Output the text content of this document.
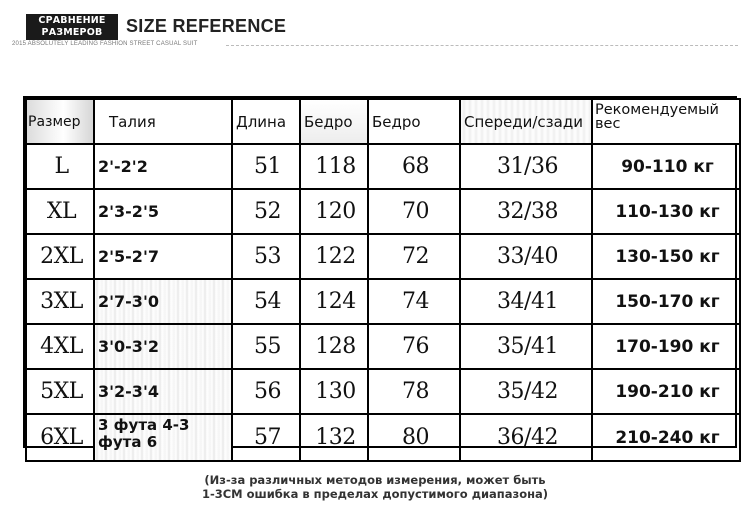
СРАВНЕНИЕ
РАЗМЕРОВ	SIZE REFERENCE
2015 ABSOLUTELY LEADING FASHION STREET CASUAL SUIT
Размер	Талия	Длина	Бедро	Бедро	Спереди/сзади	Рекомендуемый вес
L	2'-2'2	51	118	68	31/36	90-110 кг
XL	2'3-2'5	52	120	70	32/38	110-130 кг
2XL	2'5-2'7	53	122	72	33/40	130-150 кг
3XL	2'7-3'0	54	124	74	34/41	150-170 кг
4XL	3'0-3'2	55	128	76	35/41	170-190 кг
5XL	3'2-3'4	56	130	78	35/42	190-210 кг
6XL	3 фута 4-3 фута 6	57	132	80	36/42	210-240 кг
(Из-за различных методов измерения, может быть
1-3CM ошибка в пределах допустимого диапазона)
